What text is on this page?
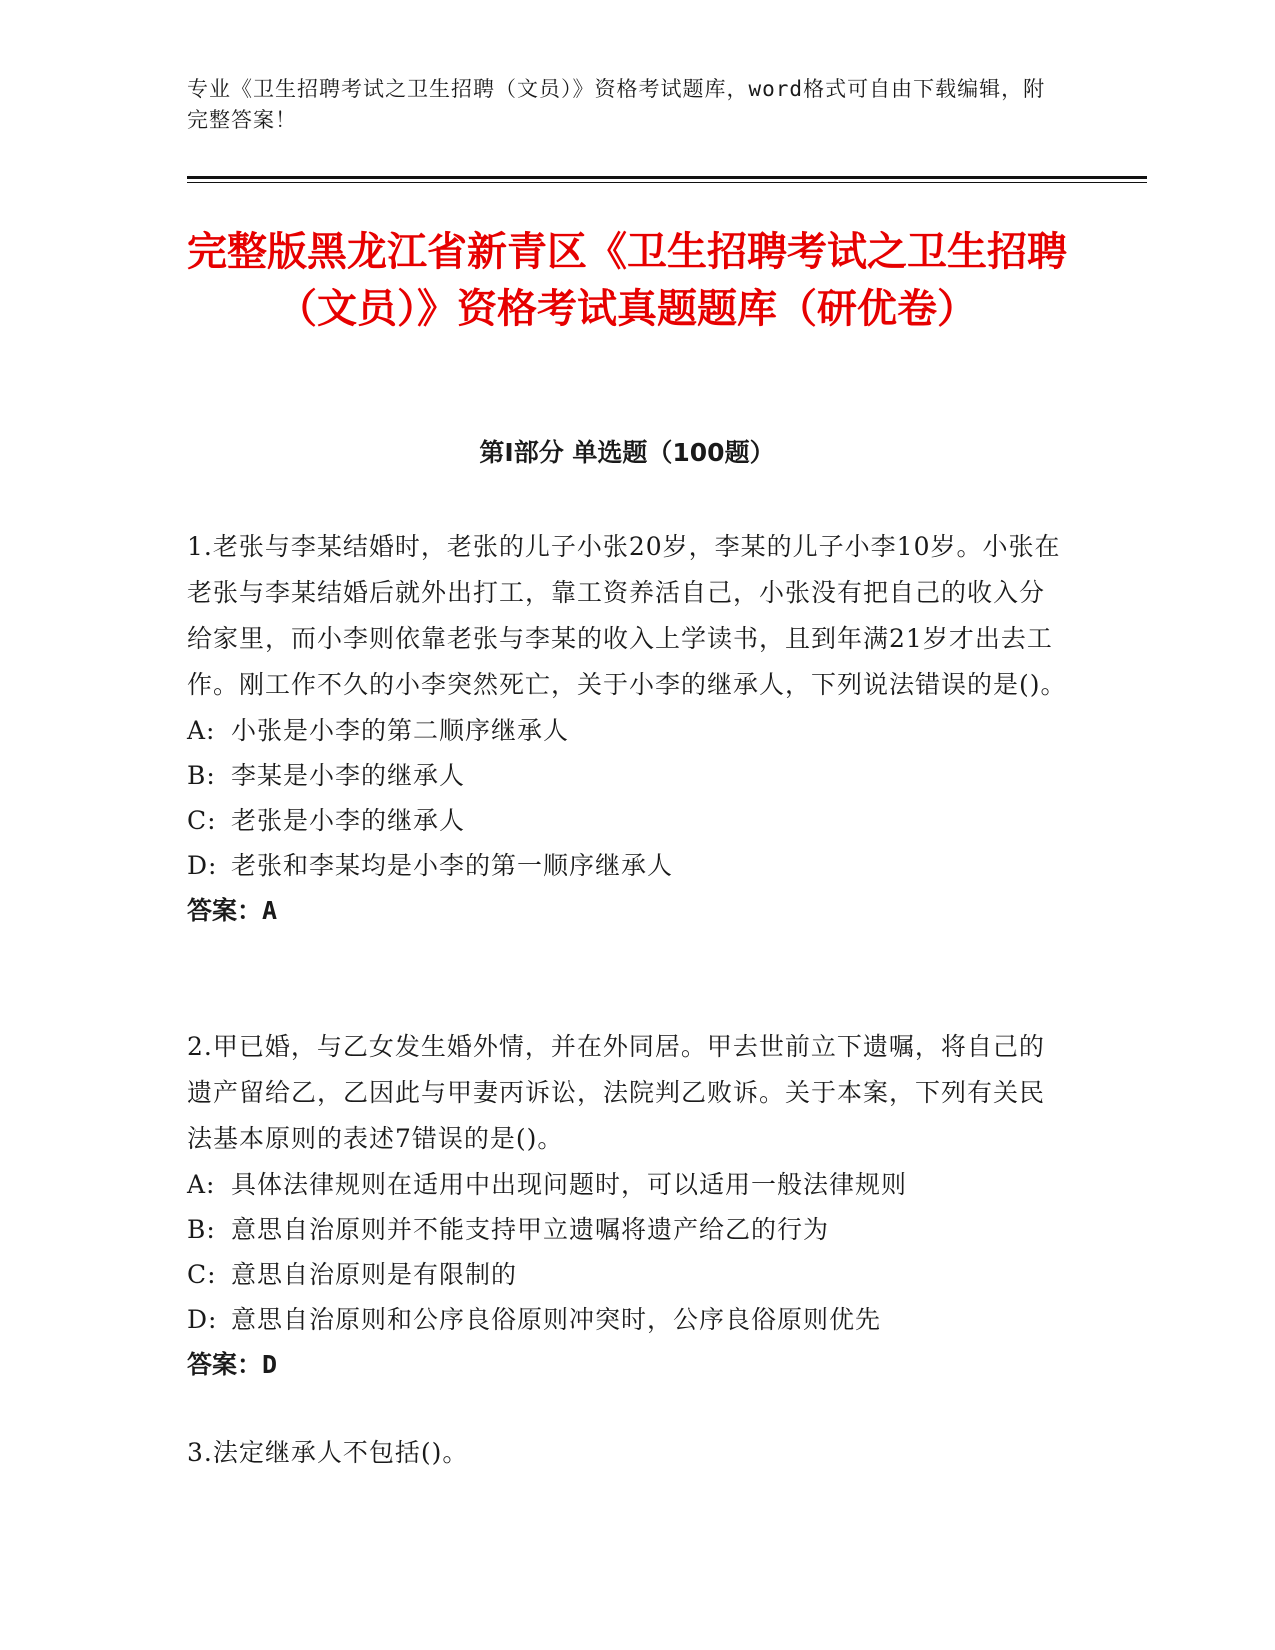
专业《卫生招聘考试之卫生招聘（文员）》资格考试题库，word格式可自由下载编辑，附完整答案！
完整版黑龙江省新青区《卫生招聘考试之卫生招聘（文员）》资格考试真题题库（研优卷）
第Ⅰ部分 单选题（100题）

1.老张与李某结婚时，老张的儿子小张20岁，李某的儿子小李10岁。小张在老张与李某结婚后就外出打工，靠工资养活自己，小张没有把自己的收入分给家里，而小李则依靠老张与李某的收入上学读书，且到年满21岁才出去工作。刚工作不久的小李突然死亡，关于小李的继承人，下列说法错误的是()。

A: 小张是小李的第二顺序继承人

B: 李某是小李的继承人

C: 老张是小李的继承人

D: 老张和李某均是小李的第一顺序继承人

答案：A

2.甲已婚，与乙女发生婚外情，并在外同居。甲去世前立下遗嘱，将自己的遗产留给乙，乙因此与甲妻丙诉讼，法院判乙败诉。关于本案，下列有关民法基本原则的表述7错误的是()。

A: 具体法律规则在适用中出现问题时，可以适用一般法律规则

B: 意思自治原则并不能支持甲立遗嘱将遗产给乙的行为

C: 意思自治原则是有限制的

D: 意思自治原则和公序良俗原则冲突时，公序良俗原则优先

答案：D

3.法定继承人不包括()。
